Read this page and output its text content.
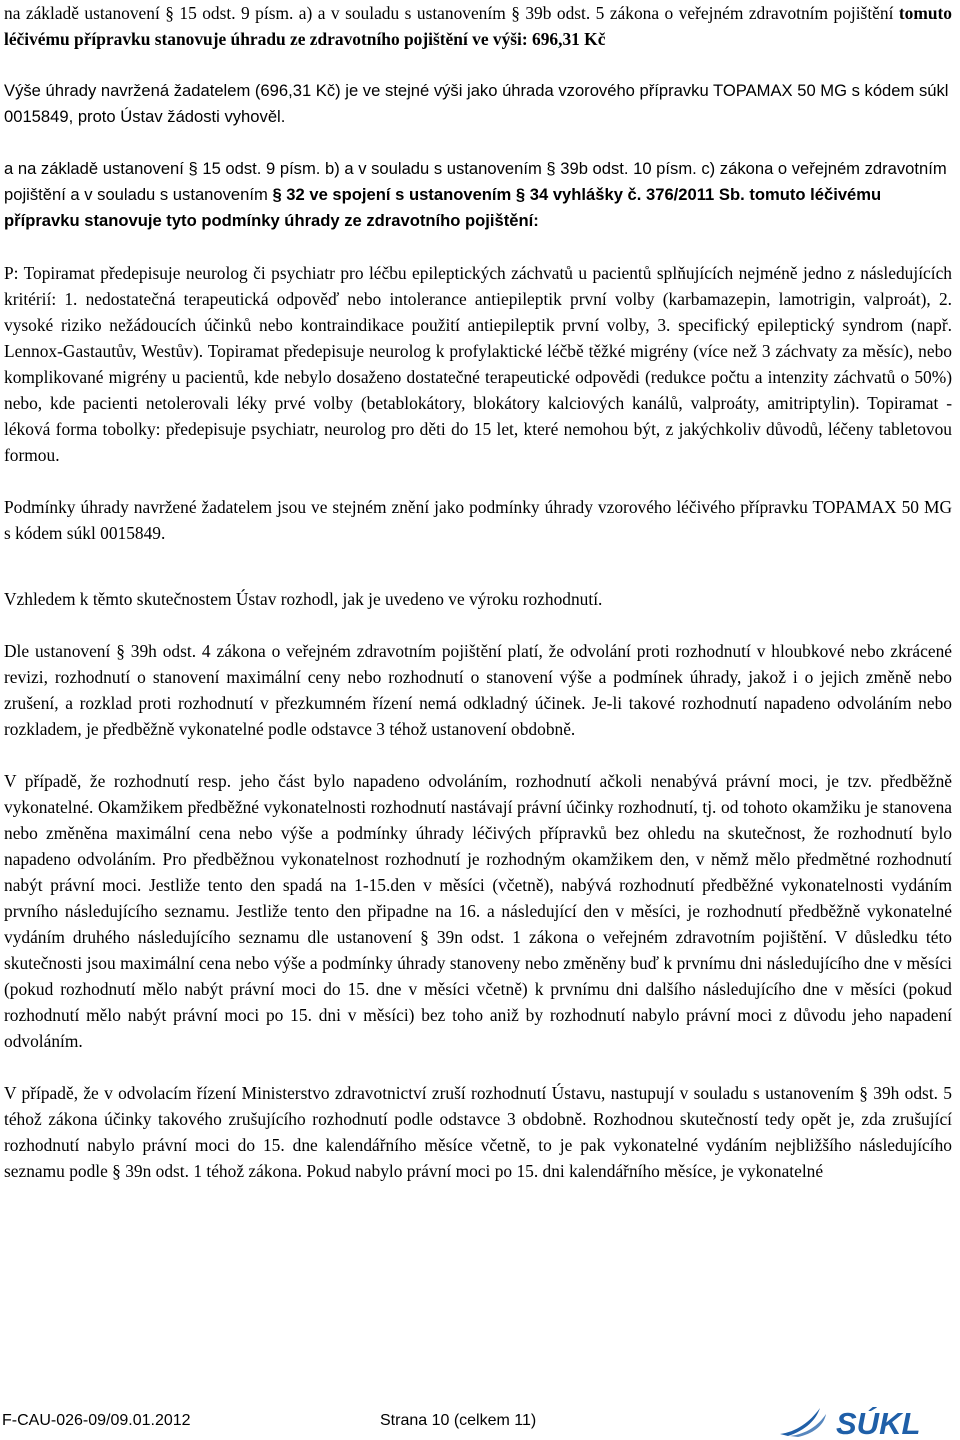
na základě ustanovení § 15 odst. 9 písm. a) a v souladu s ustanovením § 39b odst. 5 zákona o veřejném zdravotním pojištění tomuto léčivému přípravku stanovuje úhradu ze zdravotního pojištění ve výši: 696,31 Kč

Výše úhrady navržená žadatelem (696,31 Kč) je ve stejné výši jako úhrada vzorového přípravku TOPAMAX 50 MG s kódem súkl 0015849, proto Ústav žádosti vyhověl.

a na základě ustanovení § 15 odst. 9 písm. b) a v souladu s ustanovením § 39b odst. 10 písm. c) zákona o veřejném zdravotním pojištění a v souladu s ustanovením § 32 ve spojení s ustanovením § 34 vyhlášky č. 376/2011 Sb. tomuto léčivému přípravku stanovuje tyto podmínky úhrady ze zdravotního pojištění:

P: Topiramat předepisuje neurolog či psychiatr pro léčbu epileptických záchvatů u pacientů splňujících nejméně jedno z následujících kritérií: 1. nedostatečná terapeutická odpověď nebo intolerance antiepileptik první volby (karbamazepin, lamotrigin, valproát), 2. vysoké riziko nežádoucích účinků nebo kontraindikace použití antiepileptik první volby, 3. specifický epileptický syndrom (např. Lennox-Gastautův, Westův). Topiramat předepisuje neurolog k profylaktické léčbě těžké migrény (více než 3 záchvaty za měsíc), nebo komplikované migrény u pacientů, kde nebylo dosaženo dostatečné terapeutické odpovědi (redukce počtu a intenzity záchvatů o 50%) nebo, kde pacienti netolerovali léky prvé volby (betablokátory, blokátory kalciových kanálů, valproáty, amitriptylin). Topiramat - léková forma tobolky: předepisuje psychiatr, neurolog pro děti do 15 let, které nemohou být, z jakýchkoliv důvodů, léčeny tabletovou formou.

Podmínky úhrady navržené žadatelem jsou ve stejném znění jako podmínky úhrady vzorového léčivého přípravku TOPAMAX 50 MG s kódem súkl 0015849.

Vzhledem k těmto skutečnostem Ústav rozhodl, jak je uvedeno ve výroku rozhodnutí.

Dle ustanovení § 39h odst. 4 zákona o veřejném zdravotním pojištění platí, že odvolání proti rozhodnutí v hloubkové nebo zkrácené revizi, rozhodnutí o stanovení maximální ceny nebo rozhodnutí o stanovení výše a podmínek úhrady, jakož i o jejich změně nebo zrušení, a rozklad proti rozhodnutí v přezkumném řízení nemá odkladný účinek. Je-li takové rozhodnutí napadeno odvoláním nebo rozkladem, je předběžně vykonatelné podle odstavce 3 téhož ustanovení obdobně.

V případě, že rozhodnutí resp. jeho část bylo napadeno odvoláním, rozhodnutí ačkoli nenabývá právní moci, je tzv. předběžně vykonatelné. Okamžikem předběžné vykonatelnosti rozhodnutí nastávají právní účinky rozhodnutí, tj. od tohoto okamžiku je stanovena nebo změněna maximální cena nebo výše a podmínky úhrady léčivých přípravků bez ohledu na skutečnost, že rozhodnutí bylo napadeno odvoláním. Pro předběžnou vykonatelnost rozhodnutí je rozhodným okamžikem den, v němž mělo předmětné rozhodnutí nabýt právní moci. Jestliže tento den spadá na 1-15.den v měsíci (včetně), nabývá rozhodnutí předběžné vykonatelnosti vydáním prvního následujícího seznamu. Jestliže tento den připadne na 16. a následující den v měsíci, je rozhodnutí předběžně vykonatelné vydáním druhého následujícího seznamu dle ustanovení § 39n odst. 1 zákona o veřejném zdravotním pojištění. V důsledku této skutečnosti jsou maximální cena nebo výše a podmínky úhrady stanoveny nebo změněny buď k prvnímu dni následujícího dne v měsíci (pokud rozhodnutí mělo nabýt právní moci do 15. dne v měsíci včetně) k prvnímu dni dalšího následujícího dne v měsíci (pokud rozhodnutí mělo nabýt právní moci po 15. dni v měsíci) bez toho aniž by rozhodnutí nabylo právní moci z důvodu jeho napadení odvoláním.

V případě, že v odvolacím řízení Ministerstvo zdravotnictví zruší rozhodnutí Ústavu, nastupují v souladu s ustanovením § 39h odst. 5 téhož zákona účinky takového zrušujícího rozhodnutí podle odstavce 3 obdobně. Rozhodnou skutečností tedy opět je, zda zrušující rozhodnutí nabylo právní moci do 15. dne kalendářního měsíce včetně, to je pak vykonatelné vydáním nejbližšího následujícího seznamu podle § 39n odst. 1 téhož zákona. Pokud nabylo právní moci po 15. dni kalendářního měsíce, je vykonatelné

F-CAU-026-09/09.01.2012	Strana 10 (celkem 11)	SÚKL
